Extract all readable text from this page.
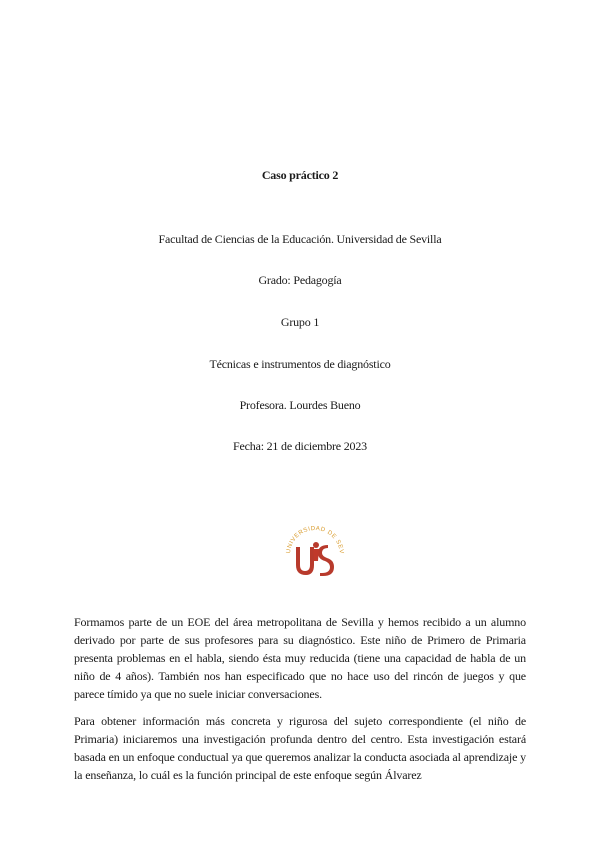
Caso práctico 2
Facultad de Ciencias de la Educación. Universidad de Sevilla
Grado: Pedagogía
Grupo 1
Técnicas e instrumentos de diagnóstico
Profesora. Lourdes Bueno
Fecha: 21 de diciembre 2023
UNIVERSIDAD DE SEV

Formamos parte de un EOE del área metropolitana de Sevilla y hemos recibido a un alumno derivado por parte de sus profesores para su diagnóstico. Este niño de Primero de Primaria presenta problemas en el habla, siendo ésta muy reducida (tiene una capacidad de habla de un niño de 4 años). También nos han especificado que no hace uso del rincón de juegos y que parece tímido ya que no suele iniciar conversaciones.

Para obtener información más concreta y rigurosa del sujeto correspondiente (el niño de Primaria) iniciaremos una investigación profunda dentro del centro. Esta investigación estará basada en un enfoque conductual ya que queremos analizar la conducta asociada al aprendizaje y la enseñanza, lo cuál es la función principal de este enfoque según Álvarez
